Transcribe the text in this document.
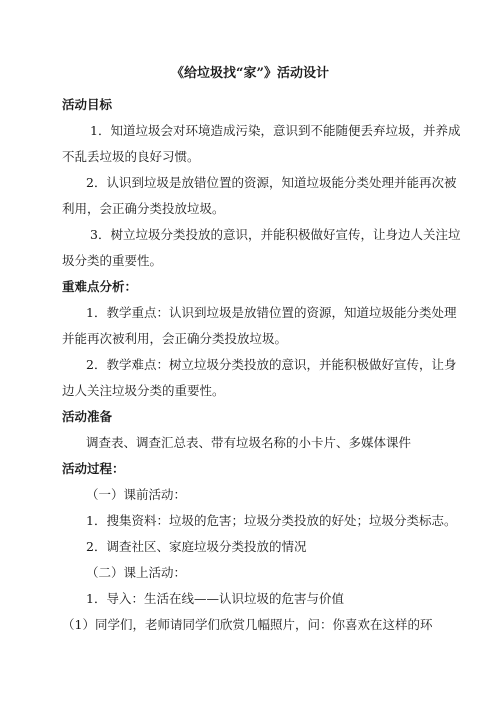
《给垃圾找“家”》活动设计
活动目标
1．知道垃圾会对环境造成污染，意识到不能随便丢弃垃圾，并养成
不乱丢垃圾的良好习惯。
2．认识到垃圾是放错位置的资源，知道垃圾能分类处理并能再次被
利用，会正确分类投放垃圾。
3．树立垃圾分类投放的意识，并能积极做好宣传，让身边人关注垃
圾分类的重要性。
重难点分析：
1．教学重点：认识到垃圾是放错位置的资源，知道垃圾能分类处理
并能再次被利用，会正确分类投放垃圾。
2．教学难点：树立垃圾分类投放的意识，并能积极做好宣传，让身
边人关注垃圾分类的重要性。
活动准备
调查表、调查汇总表、带有垃圾名称的小卡片、多媒体课件
活动过程：
（一）课前活动：
1．搜集资料：垃圾的危害；垃圾分类投放的好处；垃圾分类标志。
2．调查社区、家庭垃圾分类投放的情况
（二）课上活动：
1．导入：生活在线——认识垃圾的危害与价值
（1）同学们，老师请同学们欣赏几幅照片，问：你喜欢在这样的环
